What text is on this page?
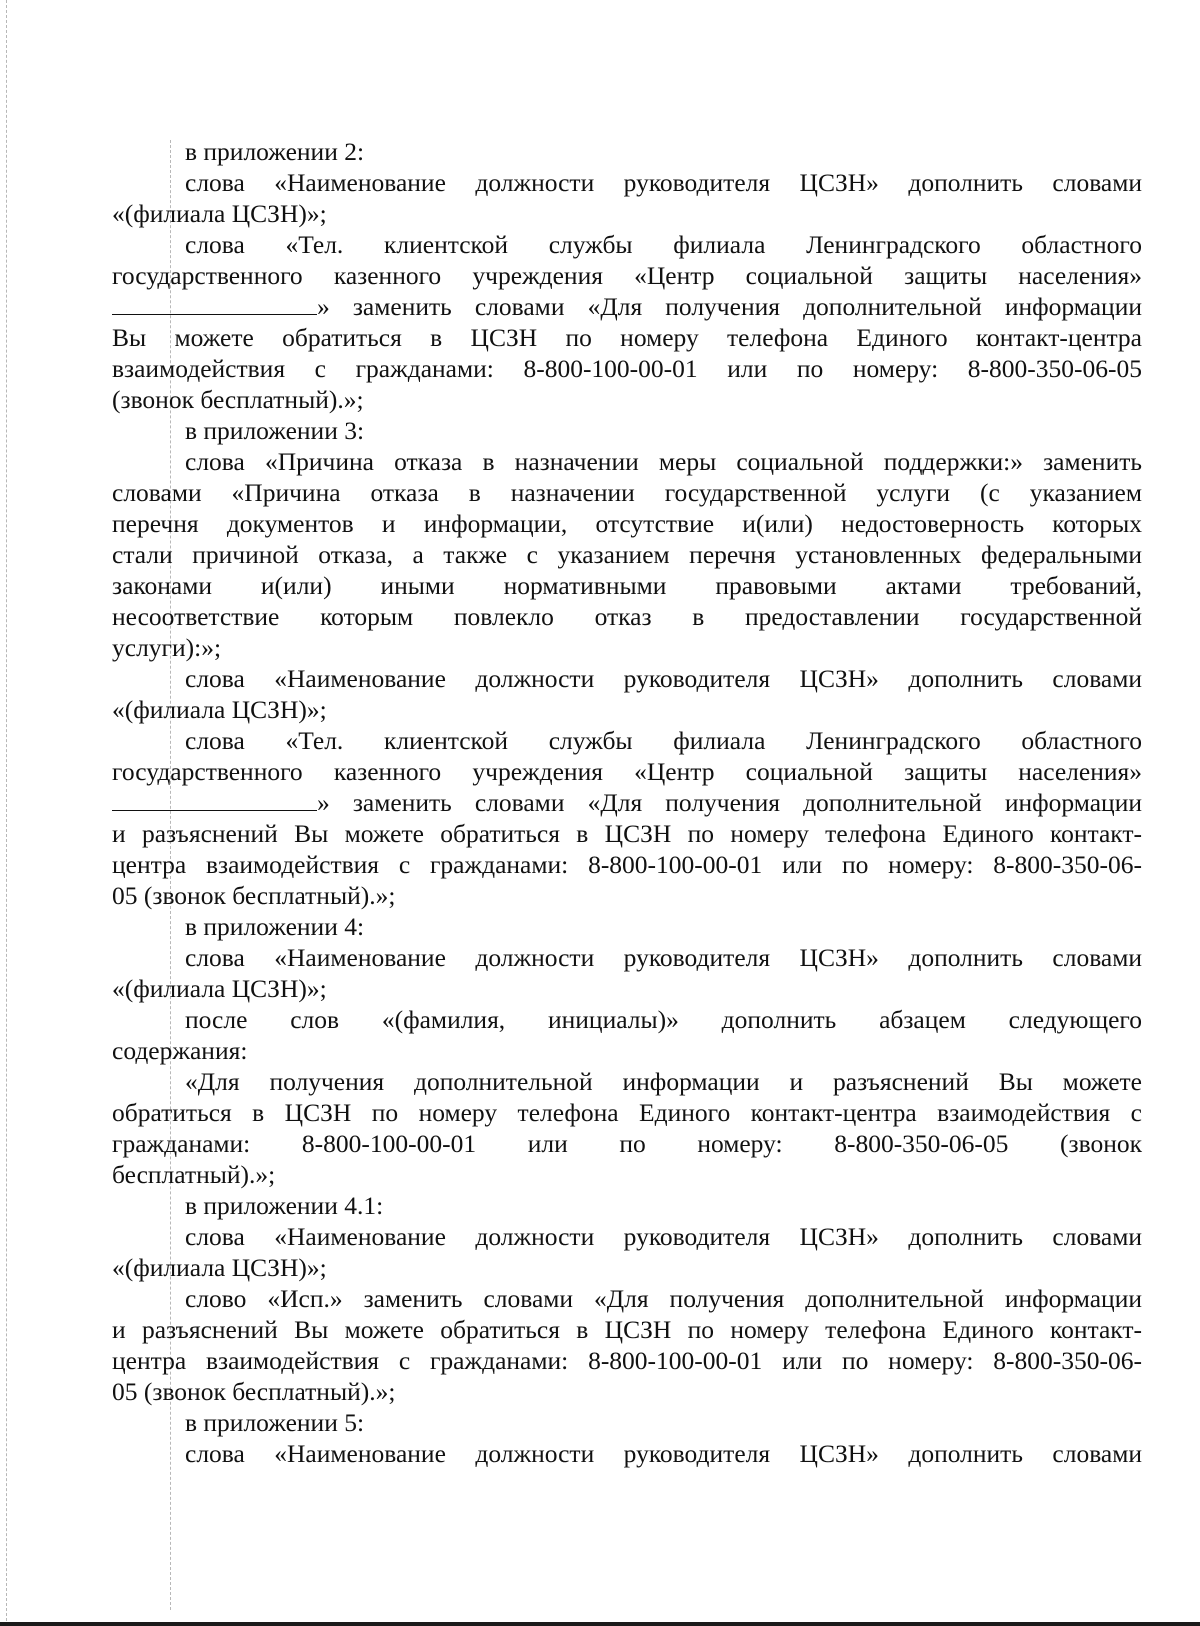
в приложении 2:
слова «Наименование должности руководителя ЦСЗН» дополнить словами
«(филиала ЦСЗН)»;
слова «Тел. клиентской службы филиала Ленинградского областного
государственного казенного учреждения «Центр социальной защиты населения»
» заменить словами «Для получения дополнительной информации
Вы можете обратиться в ЦСЗН по номеру телефона Единого контакт-центра
взаимодействия с гражданами: 8-800-100-00-01 или по номеру: 8-800-350-06-05
(звонок бесплатный).»;
в приложении 3:
слова «Причина отказа в назначении меры социальной поддержки:» заменить
словами «Причина отказа в назначении государственной услуги (с указанием
перечня документов и информации, отсутствие и(или) недостоверность которых
стали причиной отказа, а также с указанием перечня установленных федеральными
законами и(или) иными нормативными правовыми актами требований,
несоответствие которым повлекло отказ в предоставлении государственной
услуги):»;
слова «Наименование должности руководителя ЦСЗН» дополнить словами
«(филиала ЦСЗН)»;
слова «Тел. клиентской службы филиала Ленинградского областного
государственного казенного учреждения «Центр социальной защиты населения»
» заменить словами «Для получения дополнительной информации
и разъяснений Вы можете обратиться в ЦСЗН по номеру телефона Единого контакт-
центра взаимодействия с гражданами: 8-800-100-00-01 или по номеру: 8-800-350-06-
05 (звонок бесплатный).»;
в приложении 4:
слова «Наименование должности руководителя ЦСЗН» дополнить словами
«(филиала ЦСЗН)»;
после слов «(фамилия, инициалы)» дополнить абзацем следующего
содержания:
«Для получения дополнительной информации и разъяснений Вы можете
обратиться в ЦСЗН по номеру телефона Единого контакт-центра взаимодействия с
гражданами: 8-800-100-00-01 или по номеру: 8-800-350-06-05 (звонок
бесплатный).»;
в приложении 4.1:
слова «Наименование должности руководителя ЦСЗН» дополнить словами
«(филиала ЦСЗН)»;
слово «Исп.» заменить словами «Для получения дополнительной информации
и разъяснений Вы можете обратиться в ЦСЗН по номеру телефона Единого контакт-
центра взаимодействия с гражданами: 8-800-100-00-01 или по номеру: 8-800-350-06-
05 (звонок бесплатный).»;
в приложении 5:
слова «Наименование должности руководителя ЦСЗН» дополнить словами
